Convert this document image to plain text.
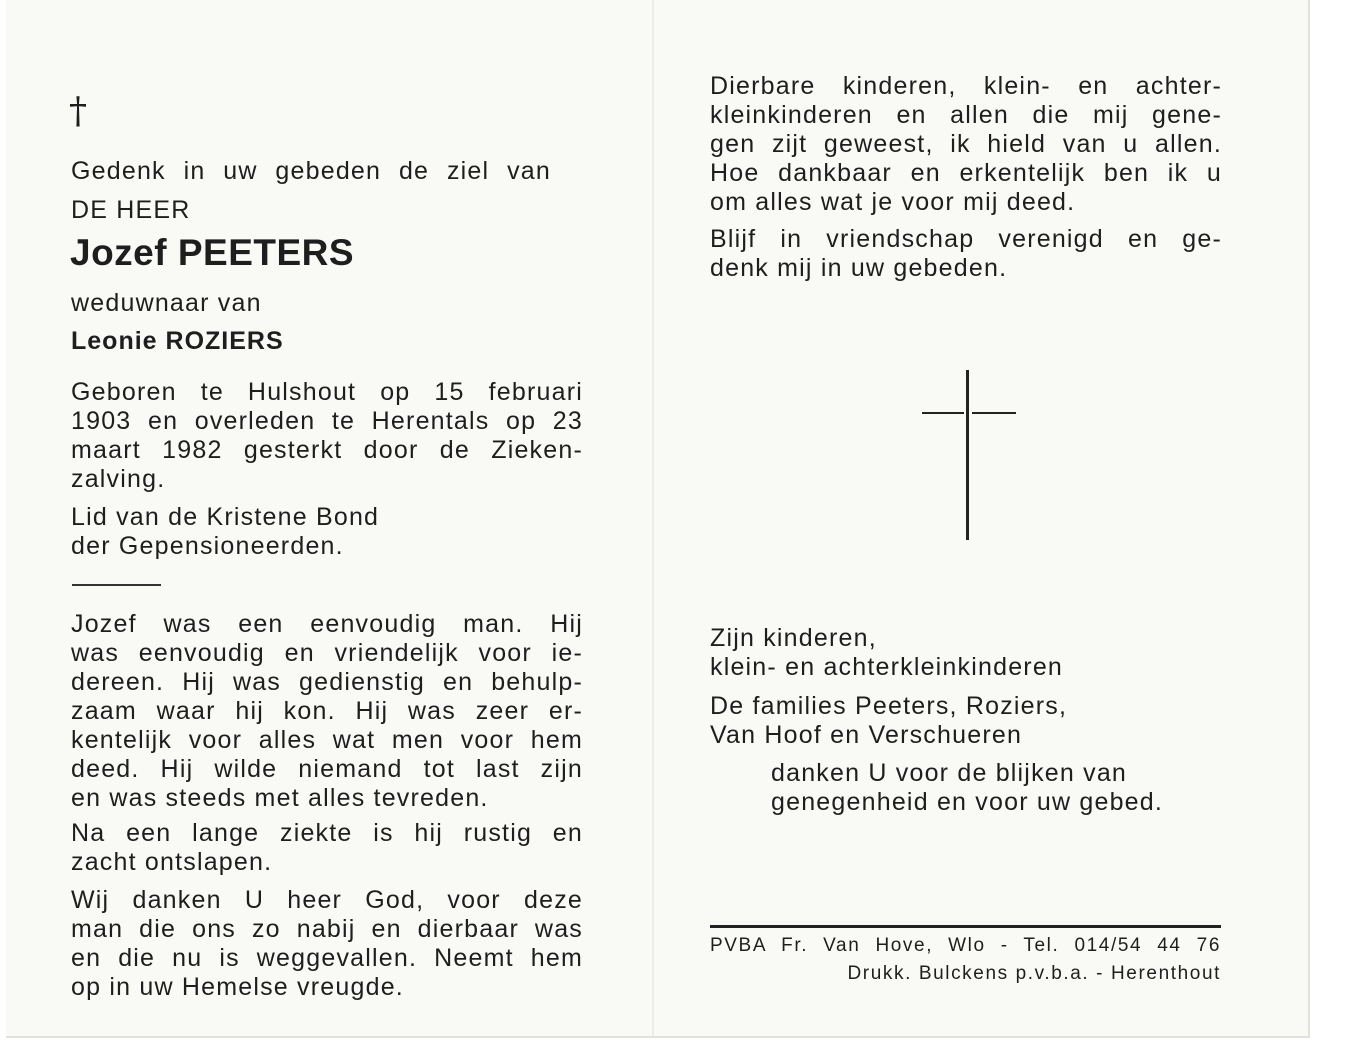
†

Gedenk in uw gebeden de ziel van

DE HEER

Jozef PEETERS

weduwnaar van

Leonie ROZIERS
Geboren te Hulshout op 15 februari
1903 en overleden te Herentals op 23
maart 1982 gesterkt door de Zieken-
zalving.
Lid van de Kristene Bond
der Gepensioneerden.
Jozef was een eenvoudig man. Hij
was eenvoudig en vriendelijk voor ie-
dereen. Hij was gedienstig en behulp-
zaam waar hij kon. Hij was zeer er-
kentelijk voor alles wat men voor hem
deed. Hij wilde niemand tot last zijn
en was steeds met alles tevreden.
Na een lange ziekte is hij rustig en
zacht ontslapen.
Wij danken U heer God, voor deze
man die ons zo nabij en dierbaar was
en die nu is weggevallen. Neemt hem
op in uw Hemelse vreugde.
Dierbare kinderen, klein- en achter-
kleinkinderen en allen die mij gene-
gen zijt geweest, ik hield van u allen.
Hoe dankbaar en erkentelijk ben ik u
om alles wat je voor mij deed.
Blijf in vriendschap verenigd en ge-
denk mij in uw gebeden.
Zijn kinderen,
klein- en achterkleinkinderen
De families Peeters, Roziers,
Van Hoof en Verschueren
danken U voor de blijken van
genegenheid en voor uw gebed.
PVBA Fr. Van Hove, Wlo - Tel. 014/54 44 76
Drukk. Bulckens p.v.b.a. - Herenthout
